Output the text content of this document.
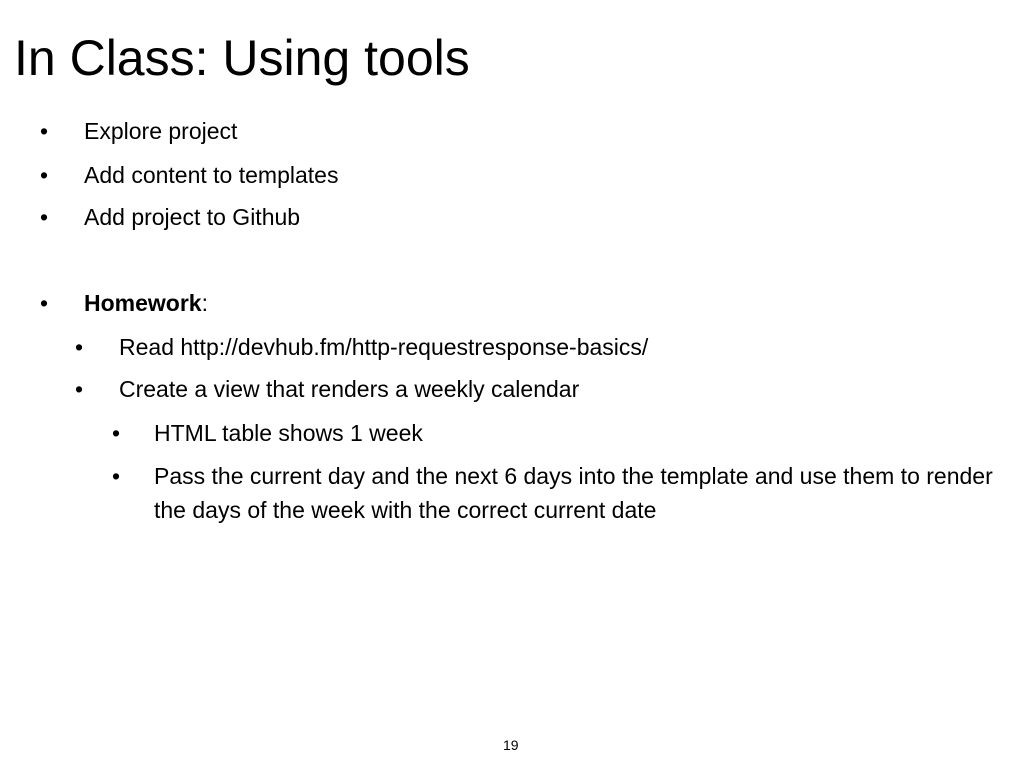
In Class: Using tools
• Explore project
• Add content to templates
• Add project to Github
• Homework:
• Read http://devhub.fm/http-requestresponse-basics/
• Create a view that renders a weekly calendar
• HTML table shows 1 week
• Pass the current day and the next 6 days into the template and use them to render the days of the week with the correct current date
19
